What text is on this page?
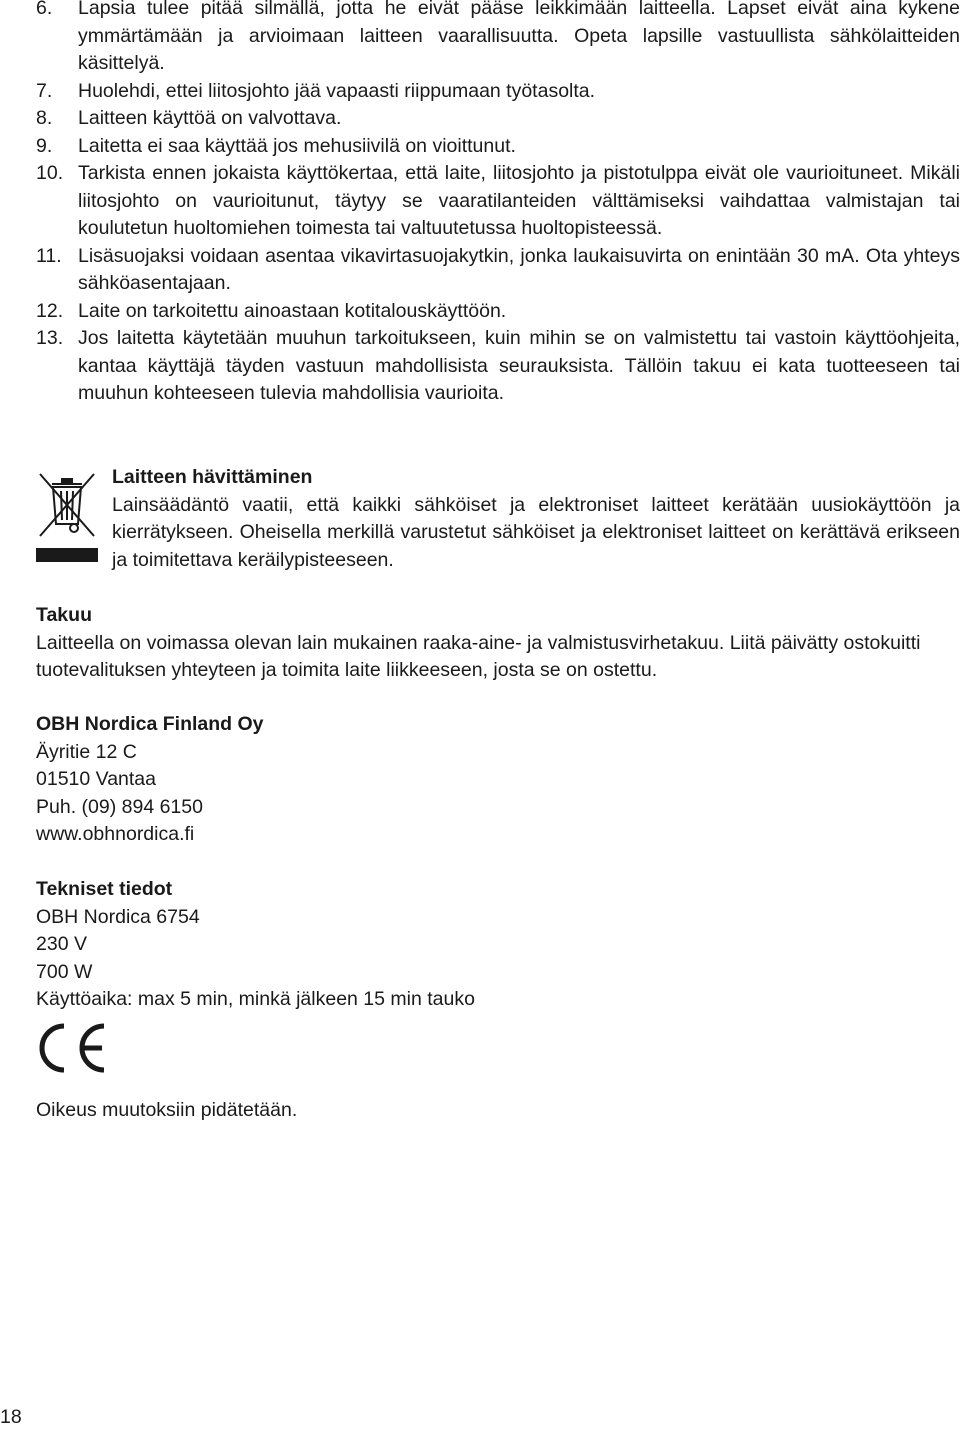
6. Lapsia tulee pitää silmällä, jotta he eivät pääse leikkimään laitteella. Lapset eivät aina kykene ymmärtämään ja arvioimaan laitteen vaarallisuutta. Opeta lapsille vastuullista sähkölaitteiden käsittelyä.
7. Huolehdi, ettei liitosjohto jää vapaasti riippumaan työtasolta.
8. Laitteen käyttöä on valvottava.
9. Laitetta ei saa käyttää jos mehusiivilä on vioittunut.
10. Tarkista ennen jokaista käyttökertaa, että laite, liitosjohto ja pistotulppa eivät ole vaurioituneet. Mikäli liitosjohto on vaurioitunut, täytyy se vaaratilanteiden välttämiseksi vaihdattaa valmistajan tai koulutetun huoltomiehen toimesta tai valtuutetussa huoltopisteessä.
11. Lisäsuojaksi voidaan asentaa vikavirtasuojakytkin, jonka laukaisuvirta on enintään 30 mA. Ota yhteys sähköasentajaan.
12. Laite on tarkoitettu ainoastaan kotitalouskäyttöön.
13. Jos laitetta käytetään muuhun tarkoitukseen, kuin mihin se on valmistettu tai vastoin käyttöohjeita, kantaa käyttäjä täyden vastuun mahdollisista seurauksista. Tällöin takuu ei kata tuotteeseen tai muuhun kohteeseen tulevia mahdollisia vaurioita.

Laitteen hävittäminen

Lainsäädäntö vaatii, että kaikki sähköiset ja elektroniset laitteet kerätään uusiokäyttöön ja kierrätykseen. Oheisella merkillä varustetut sähköiset ja elektroniset laitteet on kerättävä erikseen ja toimitettava keräilypisteeseen.

Takuu

Laitteella on voimassa olevan lain mukainen raaka-aine- ja valmistusvirhetakuu. Liitä päivätty ostokuitti tuotevalituksen yhteyteen ja toimita laite liikkeeseen, josta se on ostettu.

OBH Nordica Finland Oy

Äyritie 12 C

01510 Vantaa

Puh. (09) 894 6150

www.obhnordica.fi

Tekniset tiedot

OBH Nordica 6754

230 V

700 W

Käyttöaika: max 5 min, minkä jälkeen 15 min tauko

Oikeus muutoksiin pidätetään.

18
